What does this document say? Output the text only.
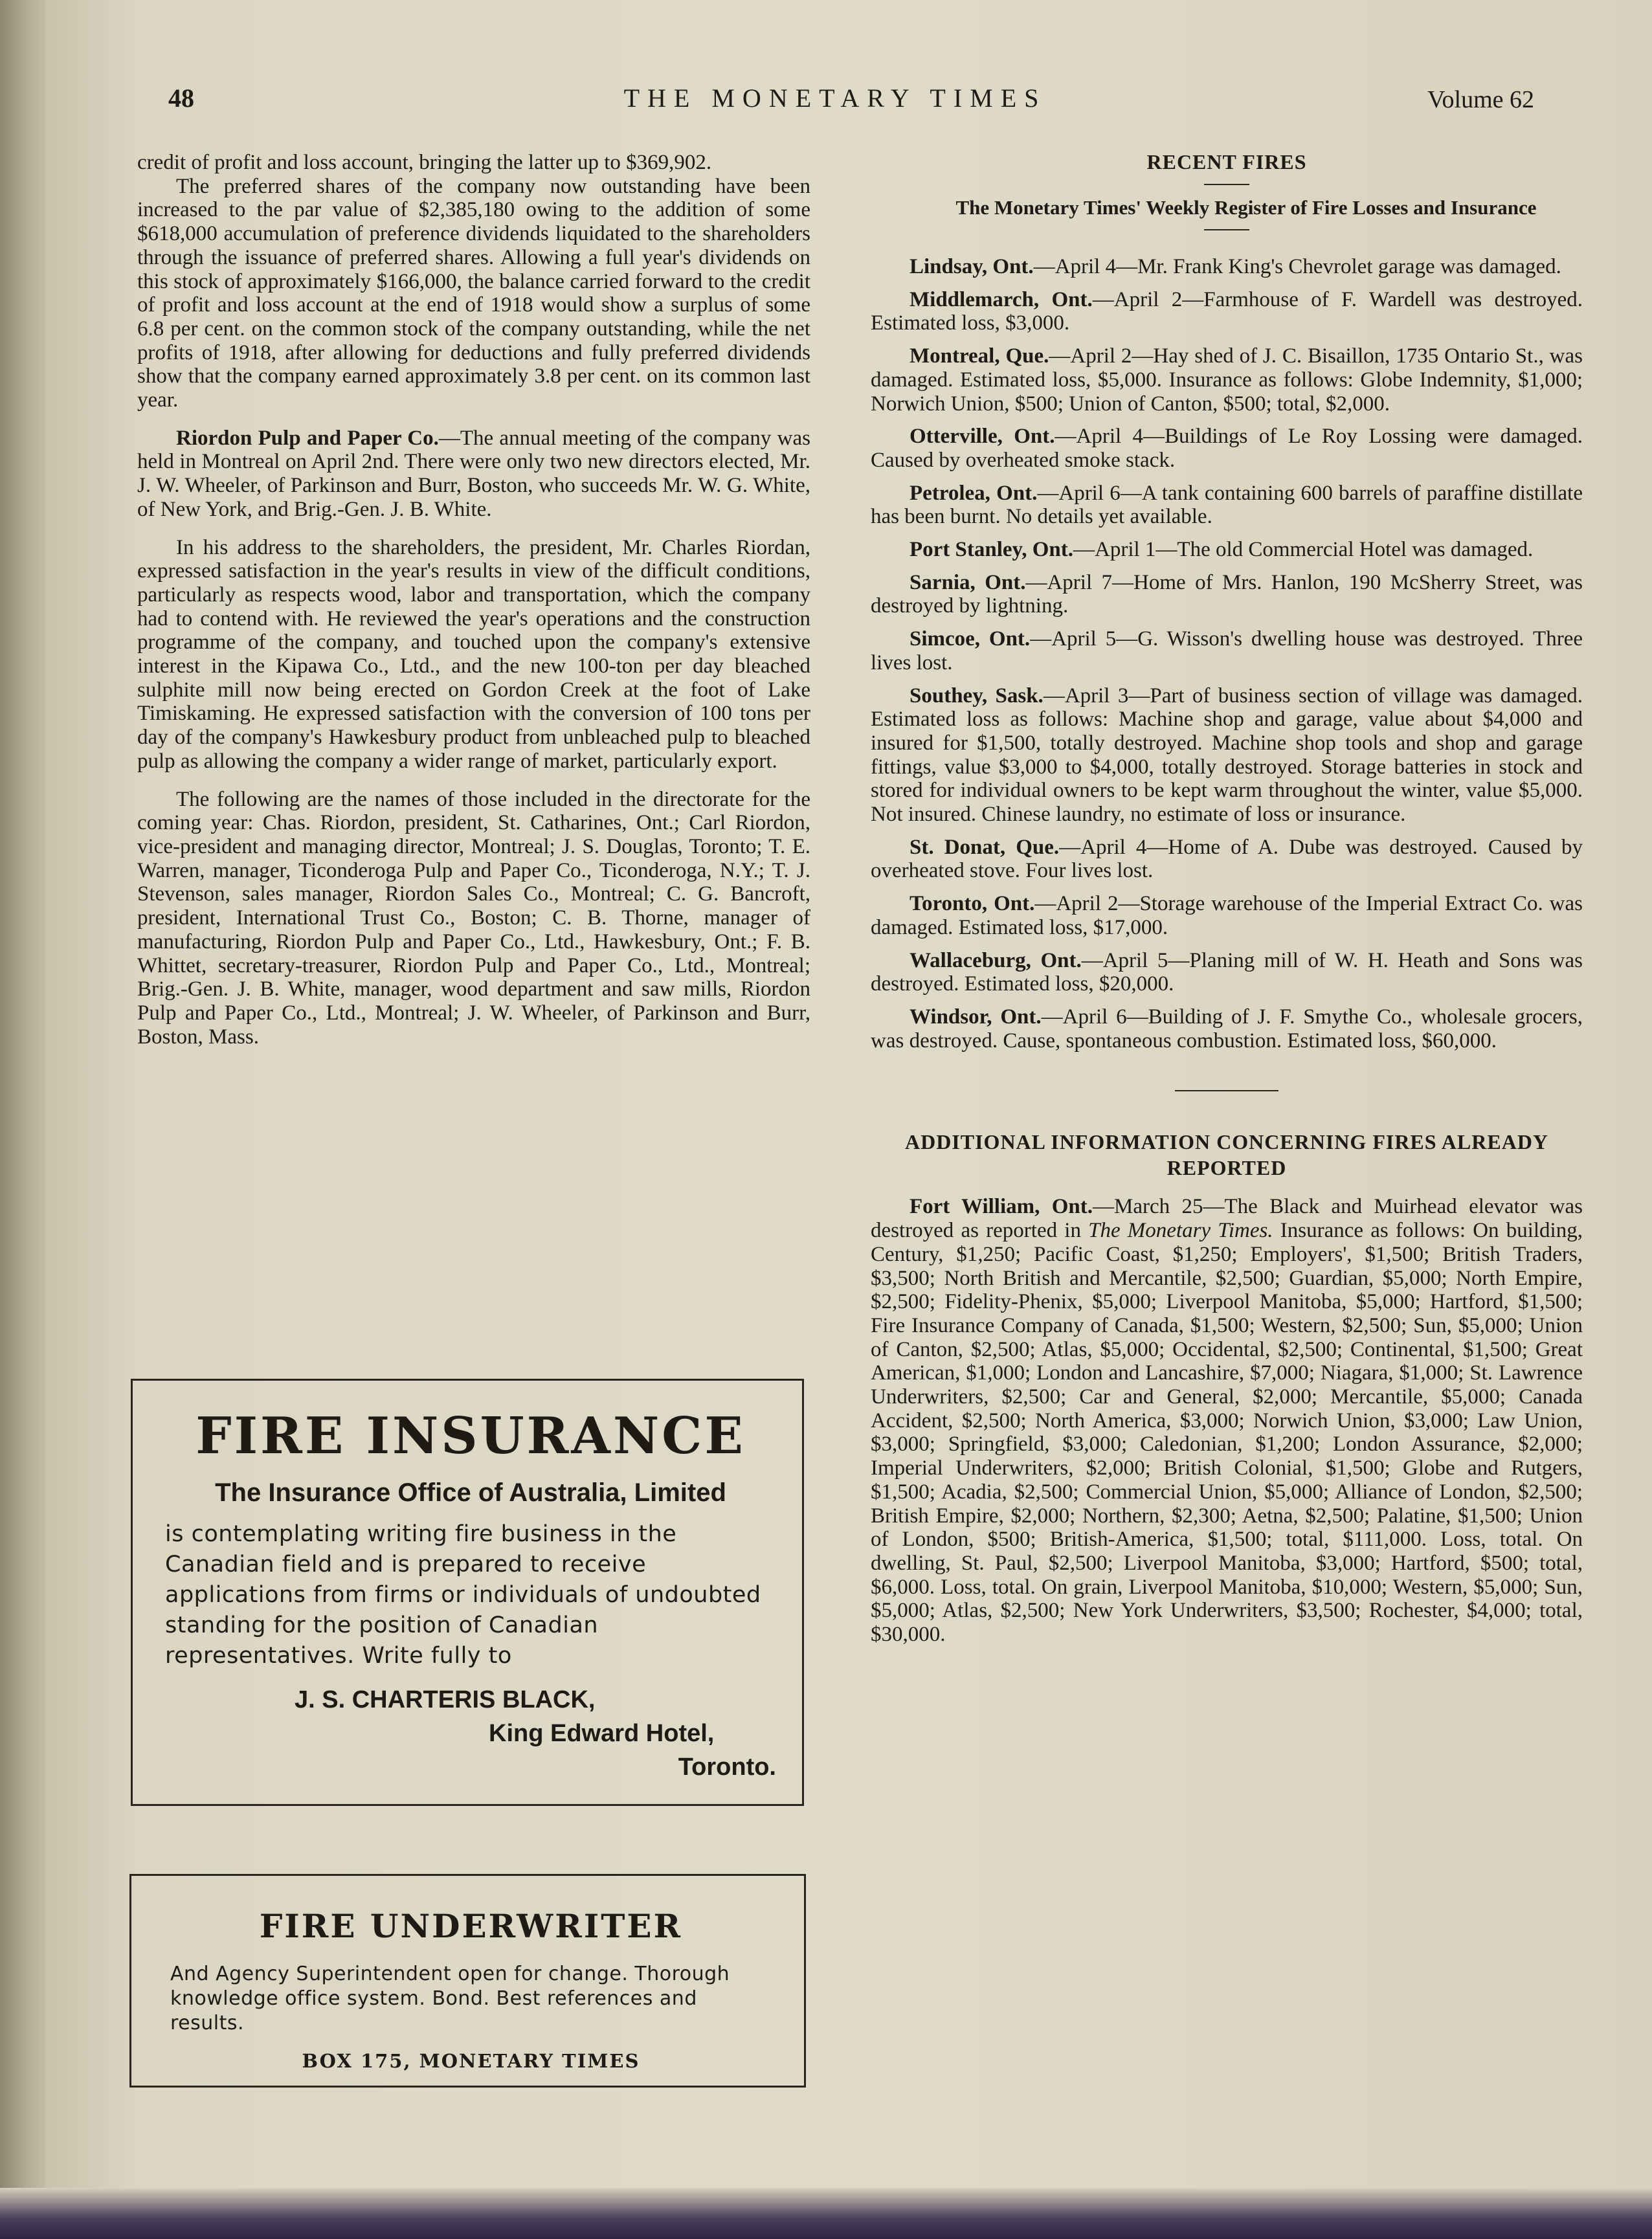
48	THE MONETARY TIMES	Volume 62

credit of profit and loss account, bringing the latter up to $369,902.

The preferred shares of the company now outstanding have been increased to the par value of $2,385,180 owing to the addition of some $618,000 accumulation of preference dividends liquidated to the shareholders through the issuance of preferred shares. Allowing a full year's dividends on this stock of approximately $166,000, the balance carried forward to the credit of profit and loss account at the end of 1918 would show a surplus of some 6.8 per cent. on the common stock of the company outstanding, while the net profits of 1918, after allowing for deductions and fully preferred dividends show that the company earned approximately 3.8 per cent. on its common last year.

Riordon Pulp and Paper Co.—The annual meeting of the company was held in Montreal on April 2nd. There were only two new directors elected, Mr. J. W. Wheeler, of Parkinson and Burr, Boston, who succeeds Mr. W. G. White, of New York, and Brig.-Gen. J. B. White.

In his address to the shareholders, the president, Mr. Charles Riordan, expressed satisfaction in the year's results in view of the difficult conditions, particularly as respects wood, labor and transportation, which the company had to contend with. He reviewed the year's operations and the construction programme of the company, and touched upon the company's extensive interest in the Kipawa Co., Ltd., and the new 100-ton per day bleached sulphite mill now being erected on Gordon Creek at the foot of Lake Timiskaming. He expressed satisfaction with the conversion of 100 tons per day of the company's Hawkesbury product from unbleached pulp to bleached pulp as allowing the company a wider range of market, particularly export.

The following are the names of those included in the directorate for the coming year: Chas. Riordon, president, St. Catharines, Ont.; Carl Riordon, vice-president and managing director, Montreal; J. S. Douglas, Toronto; T. E. Warren, manager, Ticonderoga Pulp and Paper Co., Ticonderoga, N.Y.; T. J. Stevenson, sales manager, Riordon Sales Co., Montreal; C. G. Bancroft, president, International Trust Co., Boston; C. B. Thorne, manager of manufacturing, Riordon Pulp and Paper Co., Ltd., Hawkesbury, Ont.; F. B. Whittet, secretary-treasurer, Riordon Pulp and Paper Co., Ltd., Montreal; Brig.-Gen. J. B. White, manager, wood department and saw mills, Riordon Pulp and Paper Co., Ltd., Montreal; J. W. Wheeler, of Parkinson and Burr, Boston, Mass.

FIRE INSURANCE
The Insurance Office of Australia, Limited

is contemplating writing fire business in the Canadian field and is prepared to receive applications from firms or individuals of undoubted standing for the position of Canadian representatives. Write fully to

J. S. CHARTERIS BLACK,
King Edward Hotel,
Toronto.
FIRE UNDERWRITER

And Agency Superintendent open for change. Thorough knowledge office system. Bond. Best references and results.

BOX 175, MONETARY TIMES
RECENT FIRES

The Monetary Times' Weekly Register of Fire Losses and Insurance

Lindsay, Ont.—April 4—Mr. Frank King's Chevrolet garage was damaged.

Middlemarch, Ont.—April 2—Farmhouse of F. Wardell was destroyed. Estimated loss, $3,000.

Montreal, Que.—April 2—Hay shed of J. C. Bisaillon, 1735 Ontario St., was damaged. Estimated loss, $5,000. Insurance as follows: Globe Indemnity, $1,000; Norwich Union, $500; Union of Canton, $500; total, $2,000.

Otterville, Ont.—April 4—Buildings of Le Roy Lossing were damaged. Caused by overheated smoke stack.

Petrolea, Ont.—April 6—A tank containing 600 barrels of paraffine distillate has been burnt. No details yet available.

Port Stanley, Ont.—April 1—The old Commercial Hotel was damaged.

Sarnia, Ont.—April 7—Home of Mrs. Hanlon, 190 McSherry Street, was destroyed by lightning.

Simcoe, Ont.—April 5—G. Wisson's dwelling house was destroyed. Three lives lost.

Southey, Sask.—April 3—Part of business section of village was damaged. Estimated loss as follows: Machine shop and garage, value about $4,000 and insured for $1,500, totally destroyed. Machine shop tools and shop and garage fittings, value $3,000 to $4,000, totally destroyed. Storage batteries in stock and stored for individual owners to be kept warm throughout the winter, value $5,000. Not insured. Chinese laundry, no estimate of loss or insurance.

St. Donat, Que.—April 4—Home of A. Dube was destroyed. Caused by overheated stove. Four lives lost.

Toronto, Ont.—April 2—Storage warehouse of the Imperial Extract Co. was damaged. Estimated loss, $17,000.

Wallaceburg, Ont.—April 5—Planing mill of W. H. Heath and Sons was destroyed. Estimated loss, $20,000.

Windsor, Ont.—April 6—Building of J. F. Smythe Co., wholesale grocers, was destroyed. Cause, spontaneous combustion. Estimated loss, $60,000.

ADDITIONAL INFORMATION CONCERNING FIRES ALREADY REPORTED

Fort William, Ont.—March 25—The Black and Muirhead elevator was destroyed as reported in The Monetary Times. Insurance as follows: On building, Century, $1,250; Pacific Coast, $1,250; Employers', $1,500; British Traders, $3,500; North British and Mercantile, $2,500; Guardian, $5,000; North Empire, $2,500; Fidelity-Phenix, $5,000; Liverpool Manitoba, $5,000; Hartford, $1,500; Fire Insurance Company of Canada, $1,500; Western, $2,500; Sun, $5,000; Union of Canton, $2,500; Atlas, $5,000; Occidental, $2,500; Continental, $1,500; Great American, $1,000; London and Lancashire, $7,000; Niagara, $1,000; St. Lawrence Underwriters, $2,500; Car and General, $2,000; Mercantile, $5,000; Canada Accident, $2,500; North America, $3,000; Norwich Union, $3,000; Law Union, $3,000; Springfield, $3,000; Caledonian, $1,200; London Assurance, $2,000; Imperial Underwriters, $2,000; British Colonial, $1,500; Globe and Rutgers, $1,500; Acadia, $2,500; Commercial Union, $5,000; Alliance of London, $2,500; British Empire, $2,000; Northern, $2,300; Aetna, $2,500; Palatine, $1,500; Union of London, $500; British-America, $1,500; total, $111,000. Loss, total. On dwelling, St. Paul, $2,500; Liverpool Manitoba, $3,000; Hartford, $500; total, $6,000. Loss, total. On grain, Liverpool Manitoba, $10,000; Western, $5,000; Sun, $5,000; Atlas, $2,500; New York Underwriters, $3,500; Rochester, $4,000; total, $30,000.
